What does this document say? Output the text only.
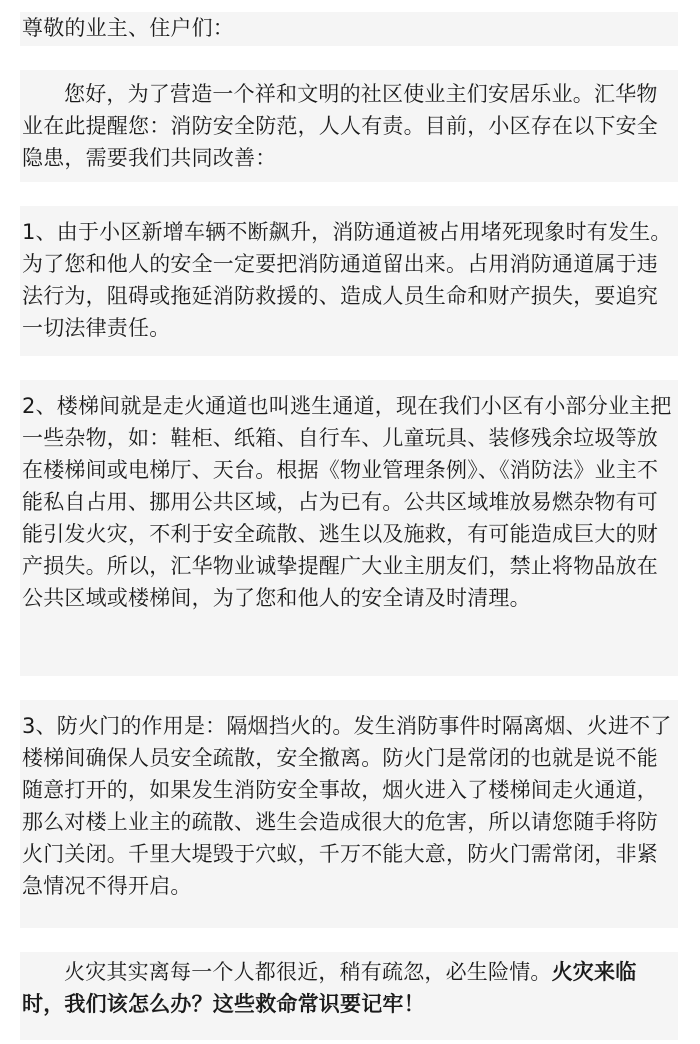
尊敬的业主、住户们：
您好，为了营造一个祥和文明的社区使业主们安居乐业。汇华物业在此提醒您：消防安全防范，人人有责。目前，小区存在以下安全隐患，需要我们共同改善：
1、由于小区新增车辆不断飙升，消防通道被占用堵死现象时有发生。为了您和他人的安全一定要把消防通道留出来。占用消防通道属于违法行为，阻碍或拖延消防救援的、造成人员生命和财产损失，要追究一切法律责任。
2、楼梯间就是走火通道也叫逃生通道，现在我们小区有小部分业主把一些杂物，如：鞋柜、纸箱、自行车、儿童玩具、装修残余垃圾等放在楼梯间或电梯厅、天台。根据《物业管理条例》、《消防法》业主不能私自占用、挪用公共区域，占为已有。公共区域堆放易燃杂物有可能引发火灾，不利于安全疏散、逃生以及施救，有可能造成巨大的财产损失。所以，汇华物业诚挚提醒广大业主朋友们，禁止将物品放在公共区域或楼梯间，为了您和他人的安全请及时清理。
3、防火门的作用是：隔烟挡火的。发生消防事件时隔离烟、火进不了楼梯间确保人员安全疏散，安全撤离。防火门是常闭的也就是说不能随意打开的，如果发生消防安全事故，烟火进入了楼梯间走火通道，那么对楼上业主的疏散、逃生会造成很大的危害，所以请您随手将防火门关闭。千里大堤毁于穴蚁，千万不能大意，防火门需常闭，非紧急情况不得开启。
火灾其实离每一个人都很近，稍有疏忽，必生险情。火灾来临时，我们该怎么办？这些救命常识要记牢！
